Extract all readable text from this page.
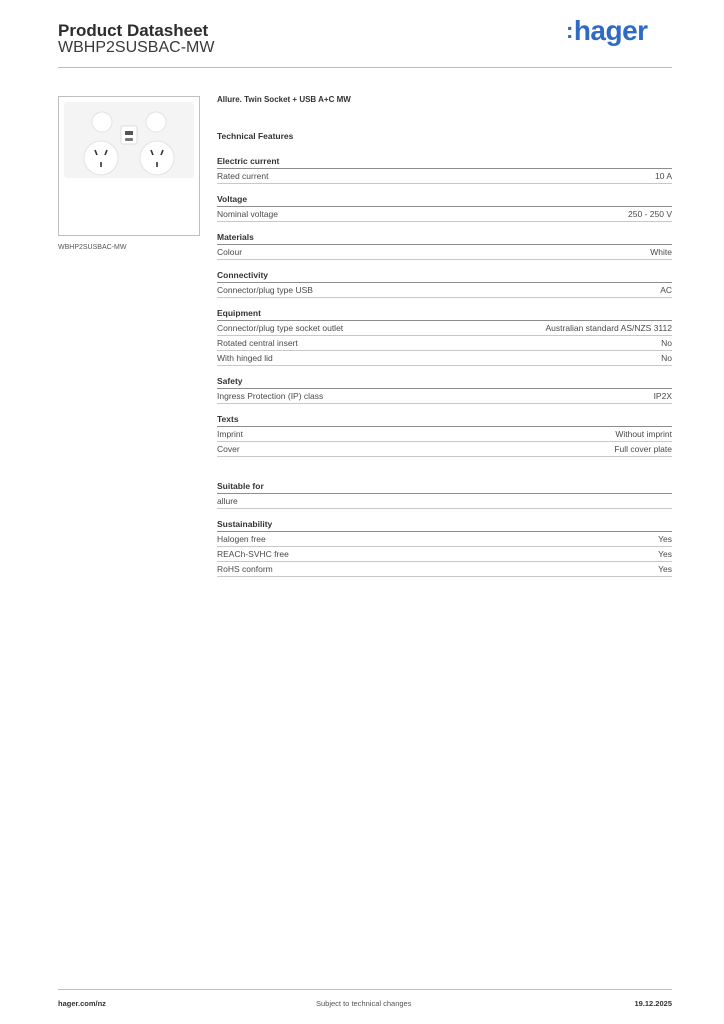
Product Datasheet
WBHP2SUSBAC-MW
:hager
WBHP2SUSBAC-MW
Allure. Twin Socket + USB A+C MW
Technical Features
Electric current
Rated current	10 A
Voltage
Nominal voltage	250 - 250 V
Materials
Colour	White
Connectivity
Connector/plug type USB	AC
Equipment
Connector/plug type socket outlet	Australian standard AS/NZS 3112
Rotated central insert	No
With hinged lid	No
Safety
Ingress Protection (IP) class	IP2X
Texts
Imprint	Without imprint
Cover	Full cover plate
Suitable for
allure
Sustainability
Halogen free	Yes
REACh-SVHC free	Yes
RoHS conform	Yes
hager.com/nz	Subject to technical changes	19.12.2025
